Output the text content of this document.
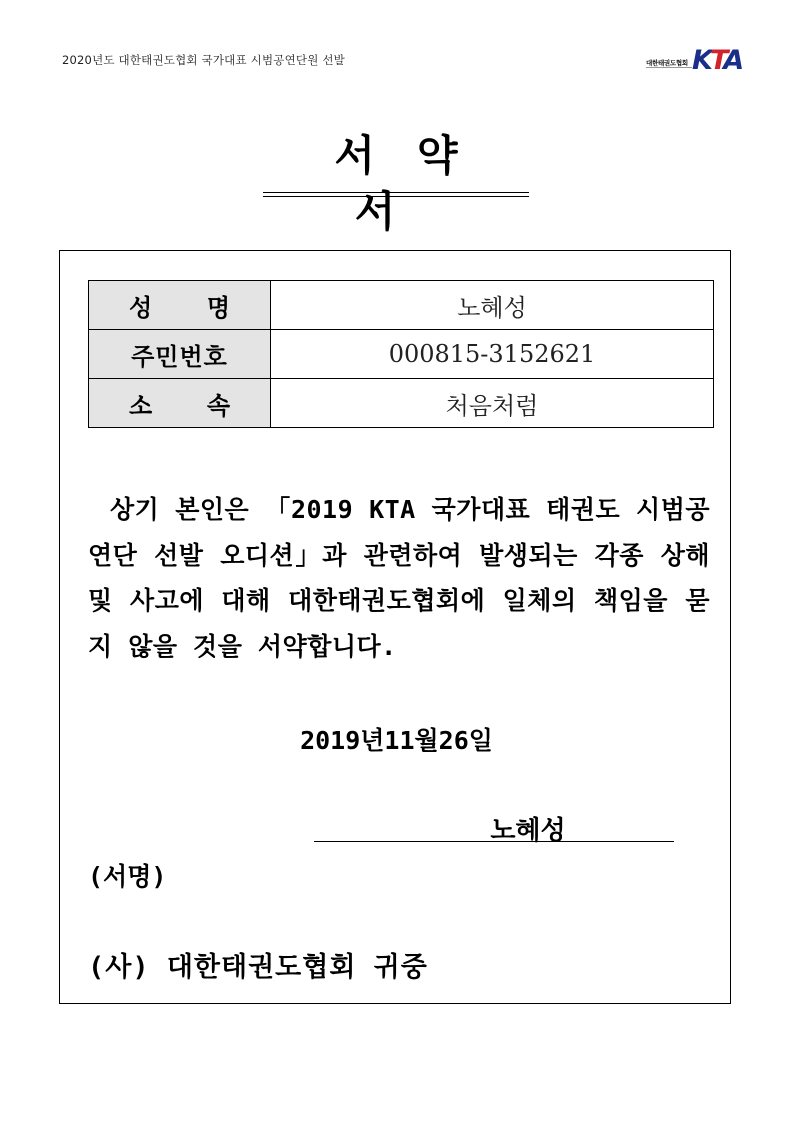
2020년도 대한태권도협회 국가대표 시범공연단원 선발	대한태권도협회 KTA
서약서
성 명	노혜성

주민번호	000815-3152621

소 속	처음처럼
상기 본인은 「2019 KTA 국가대표 태권도 시범공연단 선발 오디션」과 관련하여 발생되는 각종 상해 및 사고에 대해 대한태권도협회에 일체의 책임을 묻지 않을 것을 서약합니다.
2019년11월26일
노혜성
(서명)
(사) 대한태권도협회 귀중
